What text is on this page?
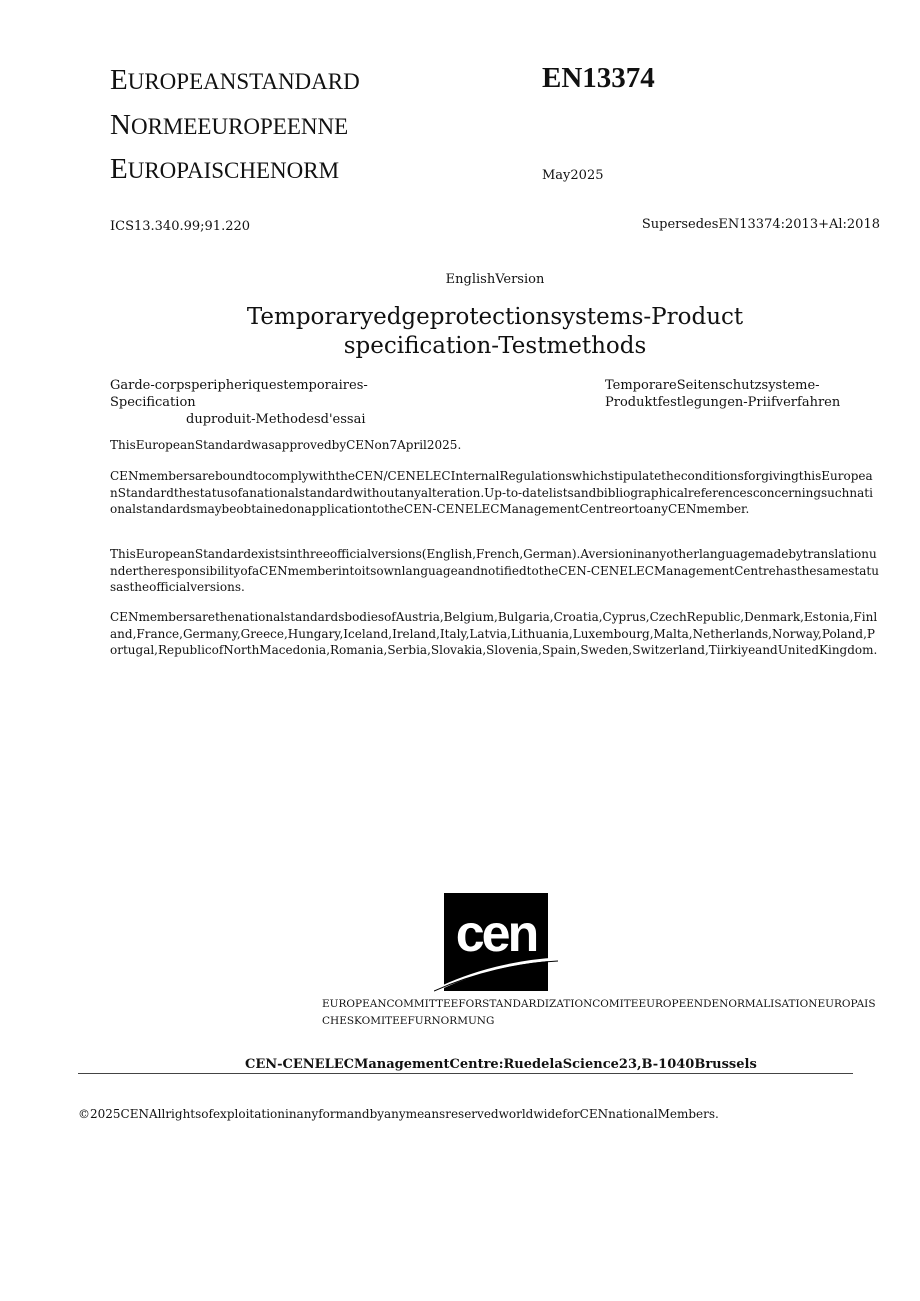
EUROPEANSTANDARD
NORMEEUROPEENNE
EUROPAISCHENORM
EN13374
May2025
ICS13.340.99;91.220	SupersedesEN13374:2013+Al:2018
EnglishVersion
Temporaryedgeprotectionsystems-Product
specification-Testmethods
Garde-corpsperipheriquestemporaires-Specification
duproduit-Methodesd'essai
TemporareSeitenschutzsysteme-
Produktfestlegungen-Priifverfahren
ThisEuropeanStandardwasapprovedbyCENon7April2025.
CENmembersareboundtocomplywiththeCEN/CENELECInternalRegulationswhichstipulatetheconditionsforgivingthisEuropeanStandardthestatusofanationalstandardwithoutanyalteration.Up-to-datelistsandbibliographicalreferencesconcerningsuchnationalstandardsmaybeobtainedonapplicationtotheCEN-CENELECManagementCentreortoanyCENmember.
ThisEuropeanStandardexistsinthreeofficialversions(English,French,German).AversioninanyotherlanguagemadebytranslationundertheresponsibilityofaCENmemberintoitsownlanguageandnotifiedtotheCEN-CENELECManagementCentrehasthesamestatusastheofficialversions.
CENmembersarethenationalstandardsbodiesofAustria,Belgium,Bulgaria,Croatia,Cyprus,CzechRepublic,Denmark,Estonia,Finland,France,Germany,Greece,Hungary,Iceland,Ireland,Italy,Latvia,Lithuania,Luxembourg,Malta,Netherlands,Norway,Poland,Portugal,RepublicofNorthMacedonia,Romania,Serbia,Slovakia,Slovenia,Spain,Sweden,Switzerland,TiirkiyeandUnitedKingdom.
cen
EUROPEANCOMMITTEEFORSTANDARDIZATIONCOMITEEUROPEENDENORMALISATIONEUROPAIS
CHESKOMITEEFURNORMUNG
CEN-CENELECManagementCentre:RuedelaScience23,B-1040Brussels
©2025CENAllrightsofexploitationinanyformandbyanymeansreservedworldwideforCENnationalMembers.
